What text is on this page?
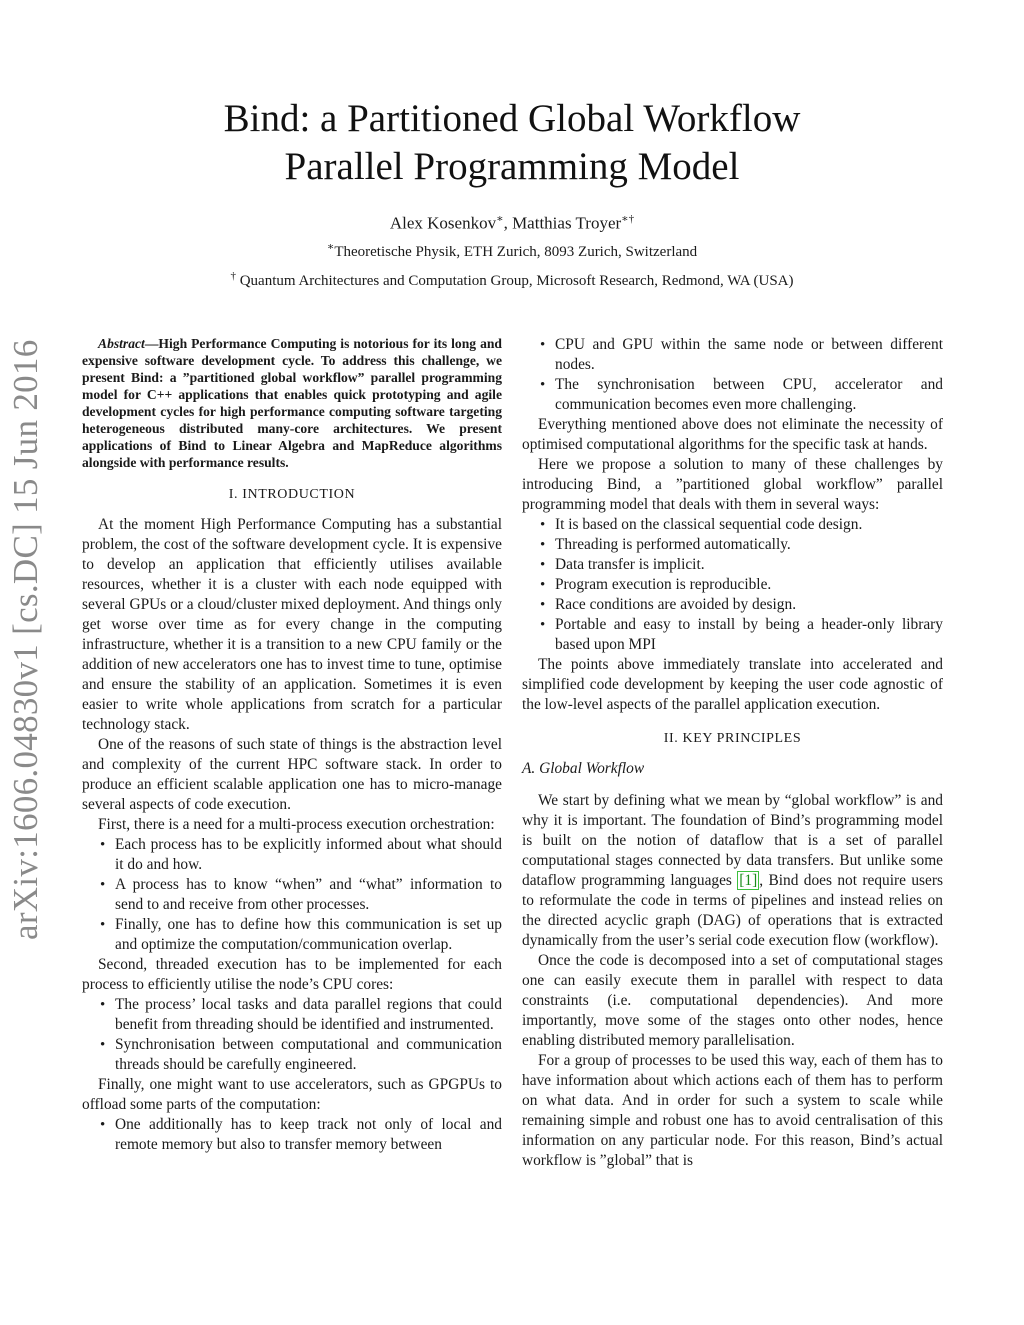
arXiv:1606.04830v1 [cs.DC] 15 Jun 2016
Bind: a Partitioned Global Workflow
Parallel Programming Model
Alex Kosenkov∗, Matthias Troyer∗†
∗Theoretische Physik, ETH Zurich, 8093 Zurich, Switzerland
† Quantum Architectures and Computation Group, Microsoft Research, Redmond, WA (USA)

Abstract—High Performance Computing is notorious for its long and expensive software development cycle. To address this challenge, we present Bind: a ”partitioned global workflow” parallel programming model for C++ applications that enables quick prototyping and agile development cycles for high performance computing software targeting heterogeneous distributed many-core architectures. We present applications of Bind to Linear Algebra and MapReduce algorithms alongside with performance results.

I. INTRODUCTION

At the moment High Performance Computing has a substantial problem, the cost of the software development cycle. It is expensive to develop an application that efficiently utilises available resources, whether it is a cluster with each node equipped with several GPUs or a cloud/cluster mixed deployment. And things only get worse over time as for every change in the computing infrastructure, whether it is a transition to a new CPU family or the addition of new accelerators one has to invest time to tune, optimise and ensure the stability of an application. Sometimes it is even easier to write whole applications from scratch for a particular technology stack.

One of the reasons of such state of things is the abstraction level and complexity of the current HPC software stack. In order to produce an efficient scalable application one has to micro-manage several aspects of code execution.

First, there is a need for a multi-process execution orchestration:

• Each process has to be explicitly informed about what should it do and how.
• A process has to know “when” and “what” information to send to and receive from other processes.
• Finally, one has to define how this communication is set up and optimize the computation/communication overlap.

Second, threaded execution has to be implemented for each process to efficiently utilise the node’s CPU cores:

• The process’ local tasks and data parallel regions that could benefit from threading should be identified and instrumented.
• Synchronisation between computational and communication threads should be carefully engineered.

Finally, one might want to use accelerators, such as GPGPUs to offload some parts of the computation:

• One additionally has to keep track not only of local and remote memory but also to transfer memory between
• CPU and GPU within the same node or between different nodes.
• The synchronisation between CPU, accelerator and communication becomes even more challenging.

Everything mentioned above does not eliminate the necessity of optimised computational algorithms for the specific task at hands.

Here we propose a solution to many of these challenges by introducing Bind, a ”partitioned global workflow” parallel programming model that deals with them in several ways:

• It is based on the classical sequential code design.
• Threading is performed automatically.
• Data transfer is implicit.
• Program execution is reproducible.
• Race conditions are avoided by design.
• Portable and easy to install by being a header-only library based upon MPI

The points above immediately translate into accelerated and simplified code development by keeping the user code agnostic of the low-level aspects of the parallel application execution.

II. KEY PRINCIPLES

A. Global Workflow

We start by defining what we mean by “global workflow” is and why it is important. The foundation of Bind’s programming model is built on the notion of dataflow that is a set of parallel computational stages connected by data transfers. But unlike some dataflow programming languages [1] , Bind does not require users to reformulate the code in terms of pipelines and instead relies on the directed acyclic graph (DAG) of operations that is extracted dynamically from the user’s serial code execution flow (workflow).

Once the code is decomposed into a set of computational stages one can easily execute them in parallel with respect to data constraints (i.e. computational dependencies). And more importantly, move some of the stages onto other nodes, hence enabling distributed memory parallelisation.

For a group of processes to be used this way, each of them has to have information about which actions each of them has to perform on what data. And in order for such a system to scale while remaining simple and robust one has to avoid centralisation of this information on any particular node. For this reason, Bind’s actual workflow is ”global” that is
